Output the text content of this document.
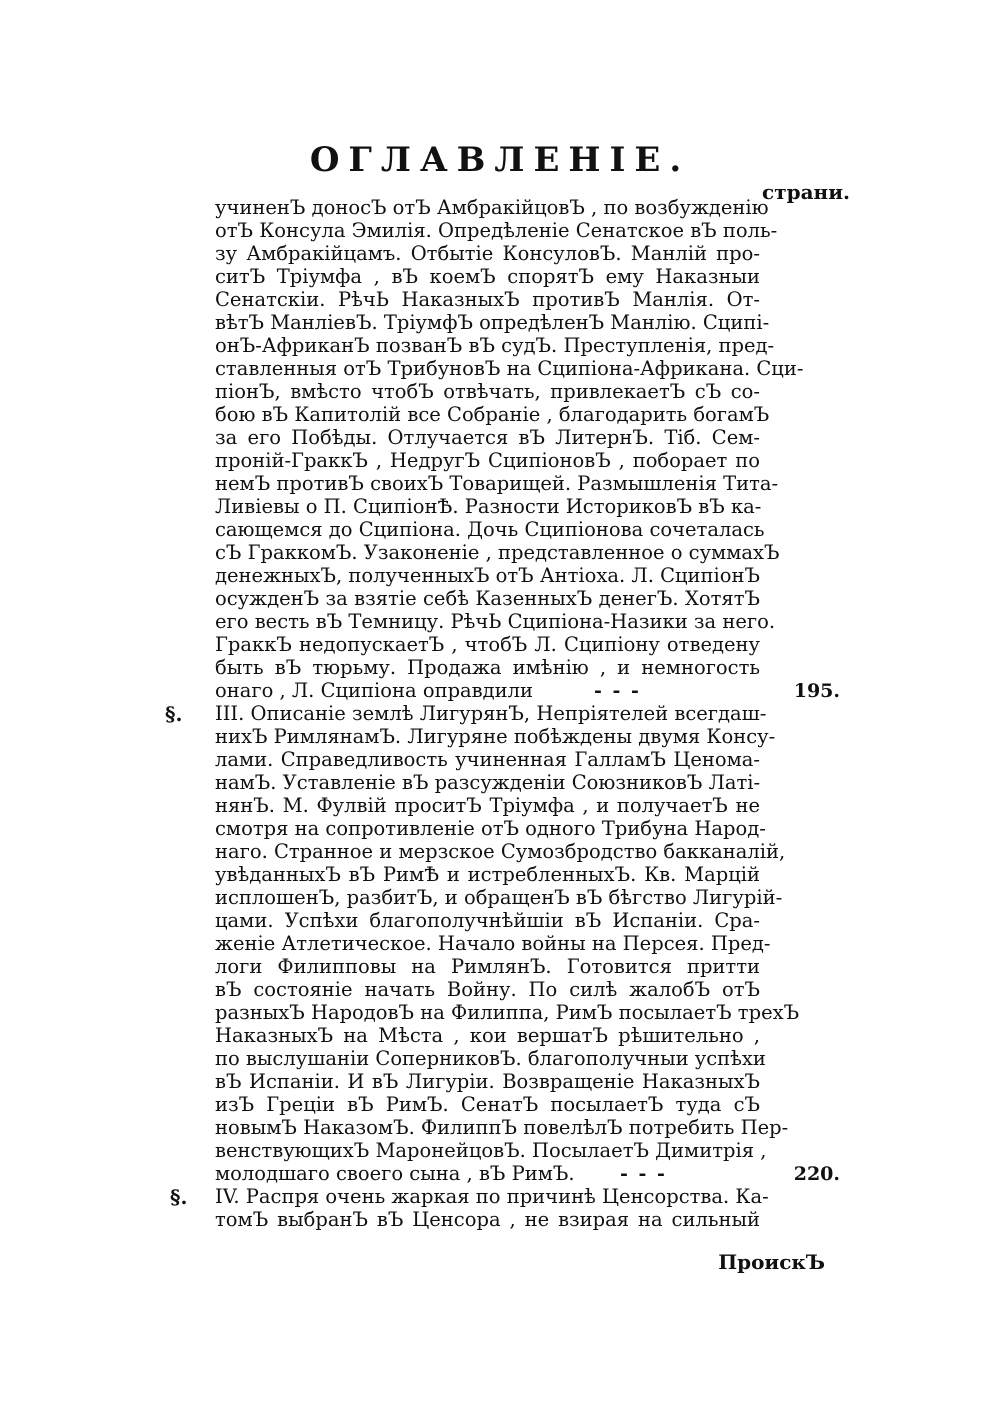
ОГЛАВЛЕНIЕ.
страни.
учиненЪ доносЪ отЪ АмбракiйцовЪ , по возбужденiю
отЪ Консула Эмилiя. Опредѣленiе Сенатское вЪ поль-
зу Амбракiйцамъ. Отбытiе КонсуловЪ. Манлiй про-
ситЪ Трiумфа , вЪ коемЪ спорятЪ ему Наказныи
Сенатскiи. РѣчЬ НаказныхЪ противЪ Манлiя. От-
вѣтЪ МанлiевЪ. ТрiумфЪ опредѣленЪ Манлiю. Сципi-
онЪ-АфриканЪ позванЪ вЪ судЪ. Преступленiя, пред-
ставленныя отЪ ТрибуновЪ на Сципiона-Африкана. Сци-
пiонЪ, вмѣсто чтобЪ отвѣчать, привлекаетЪ сЪ со-
бою вЪ Капитолiй все Собранiе , благодарить богамЪ
за его Побѣды. Отлучается вЪ ЛитернЪ. Тiб. Сем-
пронiй-ГраккЪ , НедругЪ СципiоновЪ , поборает по
немЪ противЪ своихЪ Товарищей. Размышленiя Тита-
Ливiевы о П. СципiонѢ. Разности ИсториковЪ вЪ ка-
сающемся до Сципiона. Дочь Сципiонова сочеталась
сЪ ГраккомЪ. Узаконенiе , представленное о суммахЪ
денежныхЪ, полученныхЪ отЪ Антiоха. Л. СципiонЪ
осужденЪ за взятiе себѣ КазенныхЪ денегЪ. ХотятЪ
его весть вЪ Темницу. РѣчЬ Сципiона-Назики за него.
ГраккЪ недопускаетЪ , чтобЪ Л. Сципiону отведену
быть вЪ тюрьму. Продажа имѣнiю , и немногость
онаго , Л. Сципiона оправдили	- - -	195.
§. III. Описанiе землѣ ЛигурянЪ, Непрiятелей всегдаш-
нихЪ РимлянамЪ. Лигуряне побѣждены двумя Консу-
лами. Справедливость учиненная ГалламЪ Ценома-
намЪ. Уставленiе вЪ разсужденiи СоюзниковЪ Латi-
нянЪ. М. Фулвiй проситЪ Трiумфа , и получаетЪ не
смотря на сопротивленiе отЪ одного Трибуна Народ-
наго. Странное и мерзское Сумозбродство бакканалiй,
увѣданныхЪ вЪ РимѢ и истребленныхЪ. Кв. Марцiй
исплошенЪ, разбитЪ, и обращенЪ вЪ бѣгство Лигурiй-
цами. Успѣхи благополучнѣйшiи вЪ Испанiи. Сра-
женiе Атлетическое. Начало войны на Персея. Пред-
логи Филипповы на РимлянЪ. Готовится притти
вЪ состоянiе начать Войну. По силѣ жалобЪ отЪ
разныхЪ НародовЪ на Филиппа, РимЪ посылаетЪ трехЪ
НаказныхЪ на Мѣста , кои вершатЪ рѣшительно ,
по выслушанiи СоперниковЪ. благополучныи успѣхи
вЪ Испанiи. И вЪ Лигурiи. Возвращенiе НаказныхЪ
изЪ Грецiи вЪ РимЪ. СенатЪ посылаетЪ туда сЪ
новымЪ НаказомЪ. ФилиппЪ повелѣлЪ потребить Пер-
венствующихЪ МаронейцовЪ. ПосылаетЪ Димитрiя ,
молодшаго своего сына , вЪ РимЪ.	- - -	220.
§. IV. Распря очень жаркая по причинѣ Ценсорства. Ка-
томЪ выбранЪ вЪ Ценсора , не взирая на сильный
ПроискЪ
